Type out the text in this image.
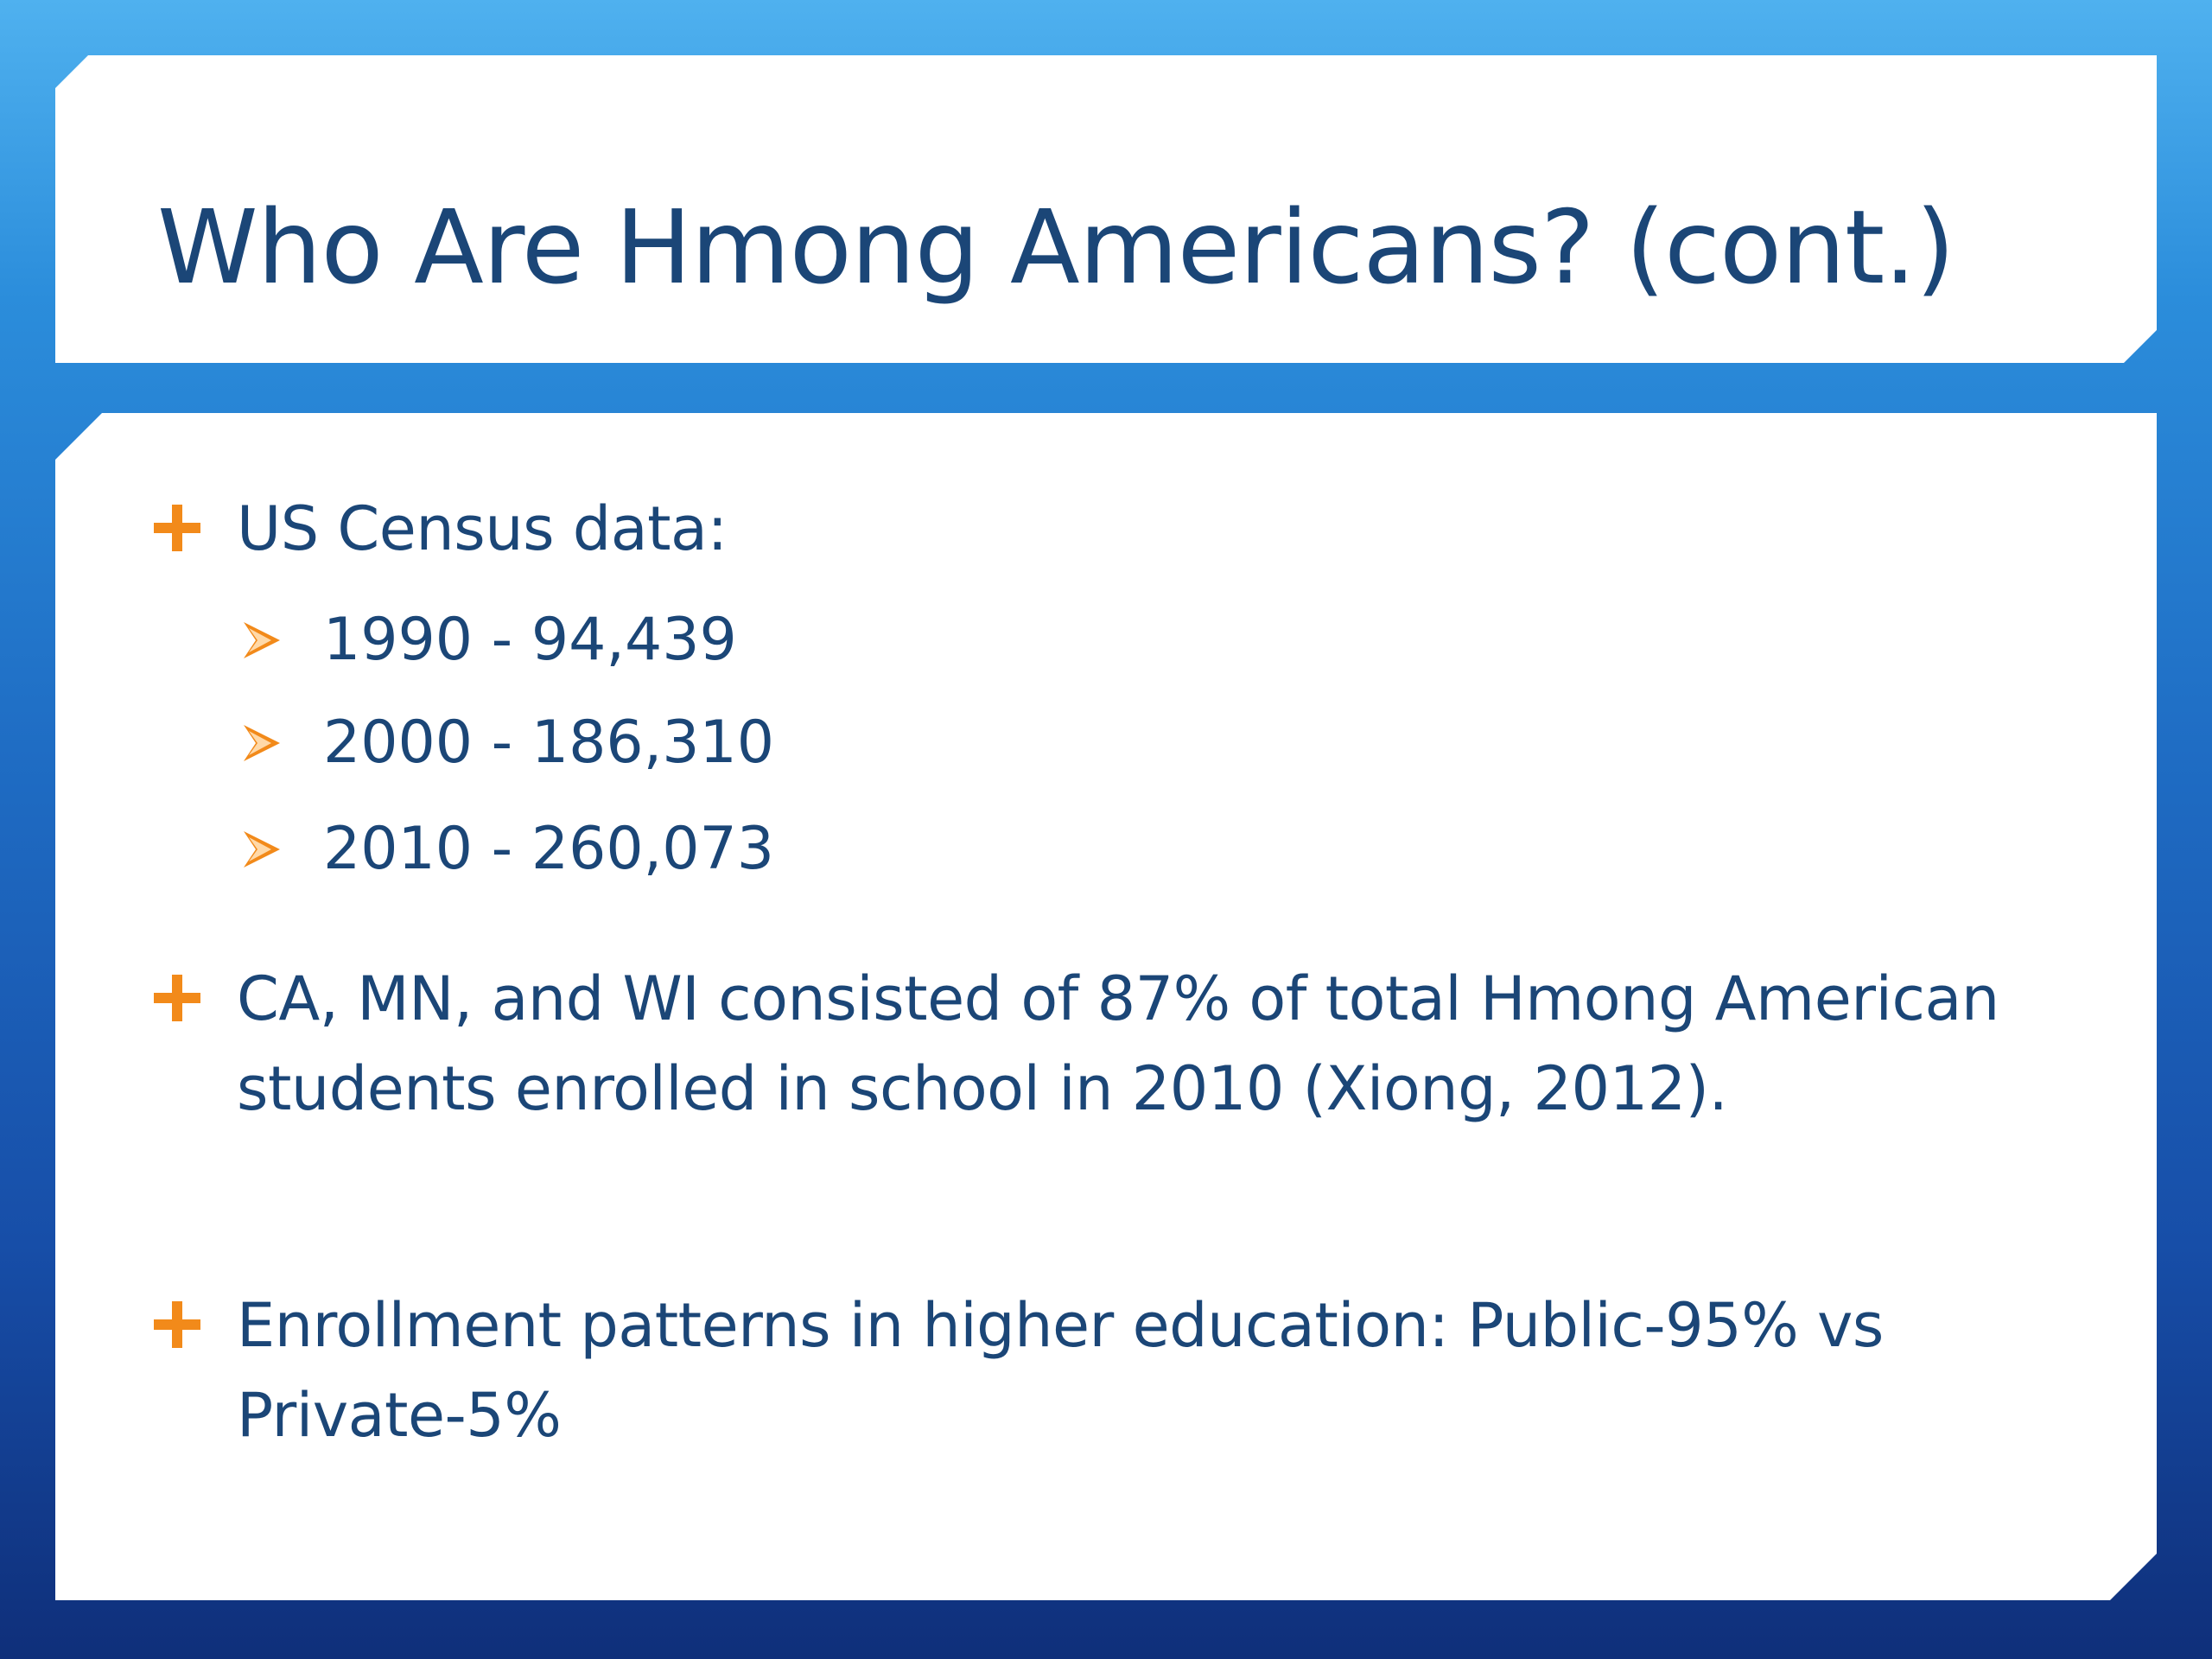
Who Are Hmong Americans? (cont.)
US Census data:
1990 - 94,439
2000 - 186,310
2010 - 260,073
CA, MN, and WI consisted of 87% of total Hmong American students enrolled in school in 2010 (Xiong, 2012).
Enrollment patterns in higher education: Public-95% vs Private-5%
